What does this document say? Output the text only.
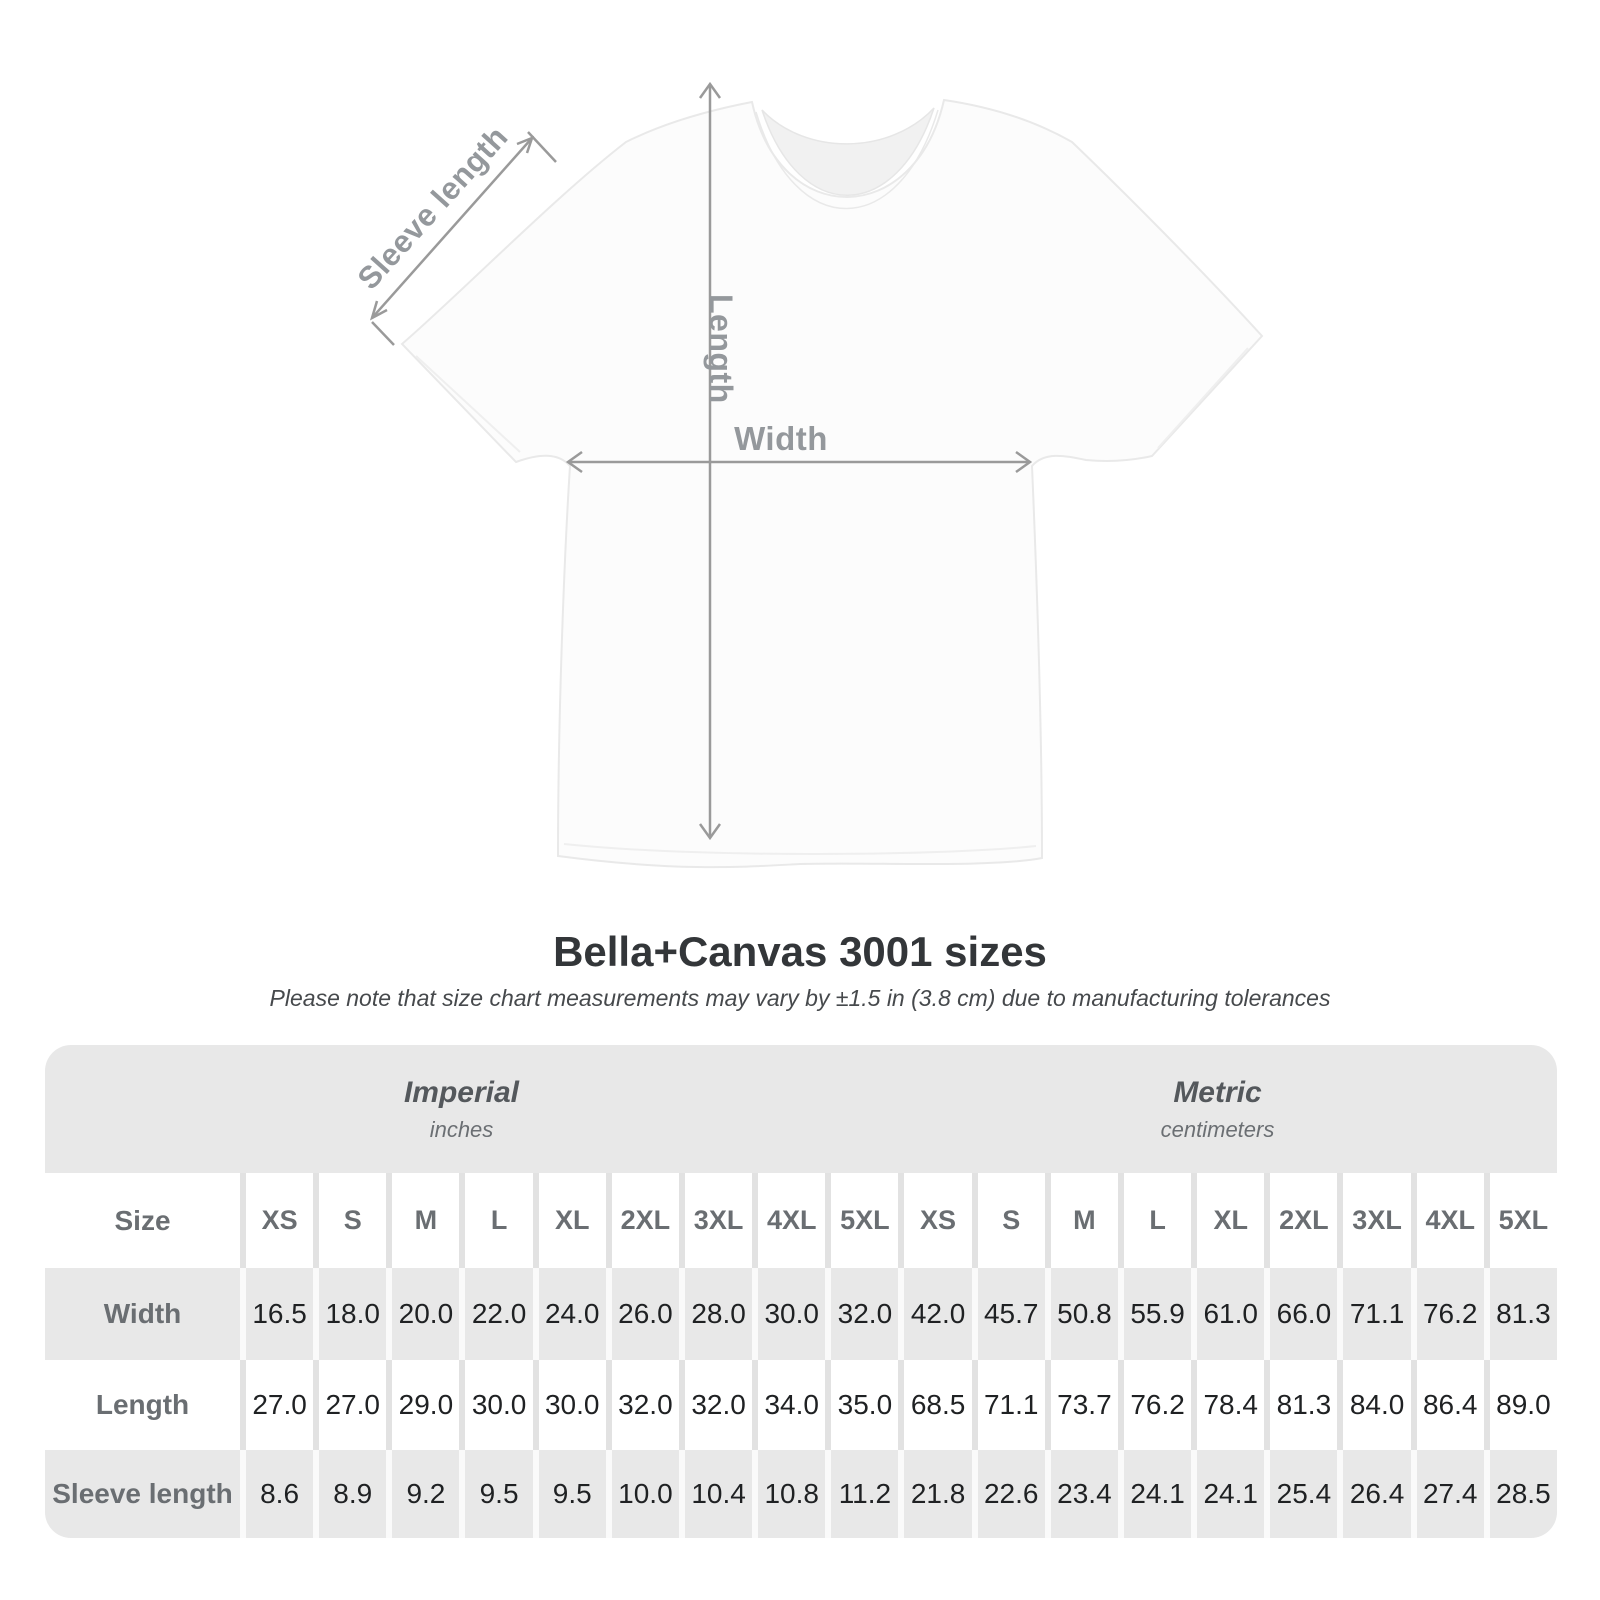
Sleeve length
Length
Width
Bella+Canvas 3001 sizes
Please note that size chart measurements may vary by ±1.5 in (3.8 cm) due to manufacturing tolerances
Imperial
inches
Metric
centimeters
Size	XS	S	M	L	XL	2XL 3XL 4XL 5XL	XS	S	M	L	XL	2XL 3XL 4XL 5XL
Width	16.5 18.0 20.0 22.0 24.0 26.0 28.0 30.0 32.0 42.0 45.7 50.8 55.9 61.0 66.0 71.1 76.2 81.3
Length	27.0 27.0 29.0 30.0 30.0 32.0 32.0 34.0 35.0 68.5 71.1 73.7 76.2 78.4 81.3 84.0 86.4 89.0
Sleeve length 8.6	8.9	9.2	9.5	9.5 10.0 10.4 10.8 11.2 21.8 22.6 23.4 24.1 24.1 25.4 26.4 27.4 28.5
